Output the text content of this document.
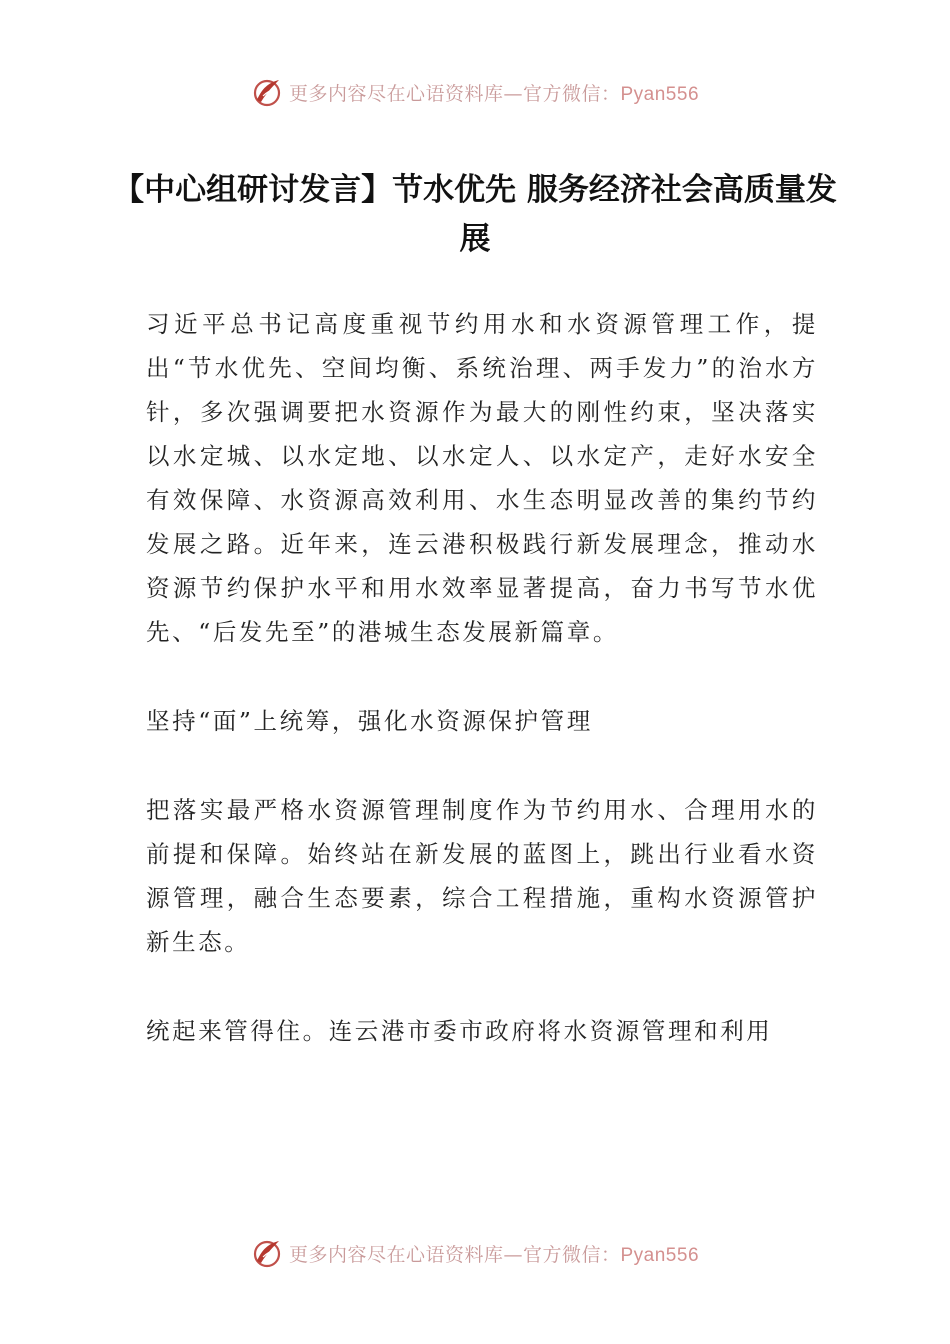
更多内容尽在心语资料库—官方微信：Pyan556
【中心组研讨发言】节水优先 服务经济社会高质量发展

习近平总书记高度重视节约用水和水资源管理工作，提出“节水优先、空间均衡、系统治理、两手发力”的治水方针，多次强调要把水资源作为最大的刚性约束，坚决落实以水定城、以水定地、以水定人、以水定产，走好水安全有效保障、水资源高效利用、水生态明显改善的集约节约发展之路。近年来，连云港积极践行新发展理念，推动水资源节约保护水平和用水效率显著提高，奋力书写节水优先、“后发先至”的港城生态发展新篇章。

坚持“面”上统筹，强化水资源保护管理

把落实最严格水资源管理制度作为节约用水、合理用水的前提和保障。始终站在新发展的蓝图上，跳出行业看水资源管理，融合生态要素，综合工程措施，重构水资源管护新生态。

统起来管得住。连云港市委市政府将水资源管理和利用

更多内容尽在心语资料库—官方微信：Pyan556
